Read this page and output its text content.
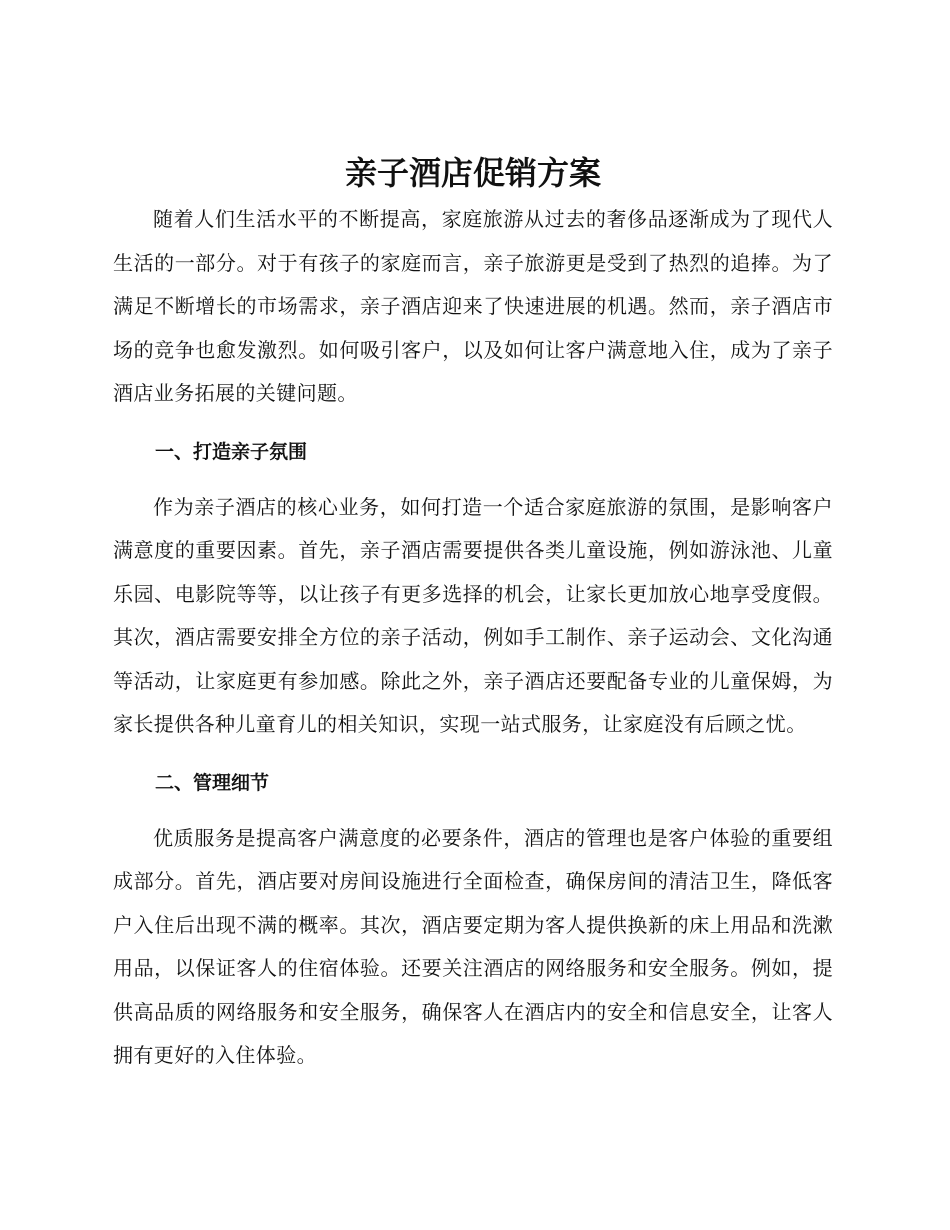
亲子酒店促销方案

随着人们生活水平的不断提高，家庭旅游从过去的奢侈品逐渐成为了现代人生活的一部分。对于有孩子的家庭而言，亲子旅游更是受到了热烈的追捧。为了满足不断增长的市场需求，亲子酒店迎来了快速进展的机遇。然而，亲子酒店市场的竞争也愈发激烈。如何吸引客户，以及如何让客户满意地入住，成为了亲子酒店业务拓展的关键问题。

一、打造亲子氛围

作为亲子酒店的核心业务，如何打造一个适合家庭旅游的氛围，是影响客户满意度的重要因素。首先，亲子酒店需要提供各类儿童设施，例如游泳池、儿童乐园、电影院等等，以让孩子有更多选择的机会，让家长更加放心地享受度假。其次，酒店需要安排全方位的亲子活动，例如手工制作、亲子运动会、文化沟通等活动，让家庭更有参加感。除此之外，亲子酒店还要配备专业的儿童保姆，为家长提供各种儿童育儿的相关知识，实现一站式服务，让家庭没有后顾之忧。

二、管理细节

优质服务是提高客户满意度的必要条件，酒店的管理也是客户体验的重要组成部分。首先，酒店要对房间设施进行全面检查，确保房间的清洁卫生，降低客户入住后出现不满的概率。其次，酒店要定期为客人提供换新的床上用品和洗漱用品，以保证客人的住宿体验。还要关注酒店的网络服务和安全服务。例如，提供高品质的网络服务和安全服务，确保客人在酒店内的安全和信息安全，让客人拥有更好的入住体验。
